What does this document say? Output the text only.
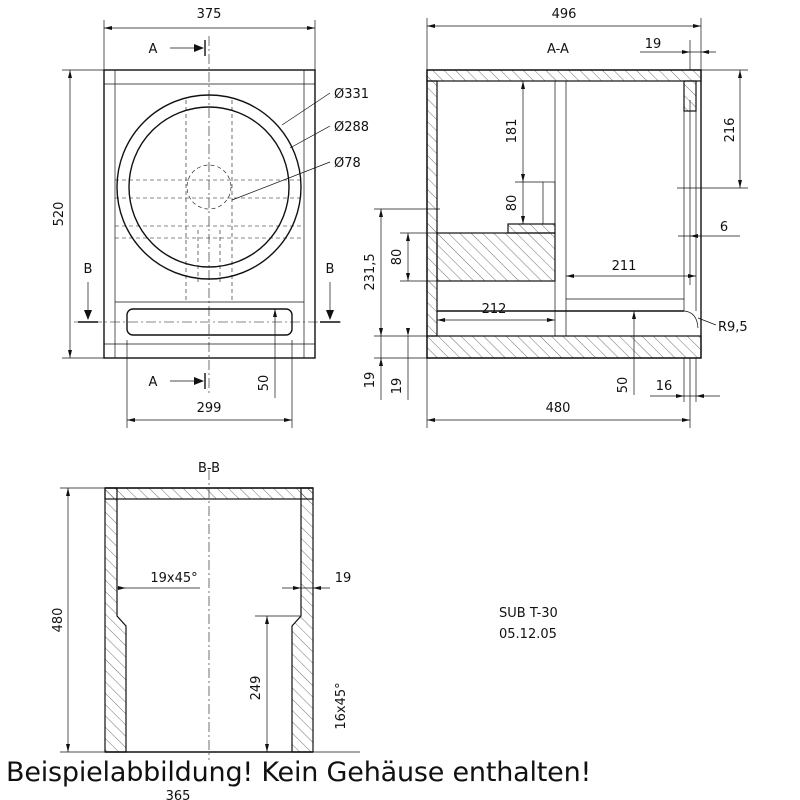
375
520
299
50
A
A
B	B
Ø331
Ø288
Ø78
496
A-A	19
181
80
216
6
211
212
231,5 80
19 19
480
50 16
R9,5
B-B
480
19x45°	19
249	16x45°
365
SUB T-30
05.12.05
Beispielabbildung! Kein Gehäuse enthalten!
